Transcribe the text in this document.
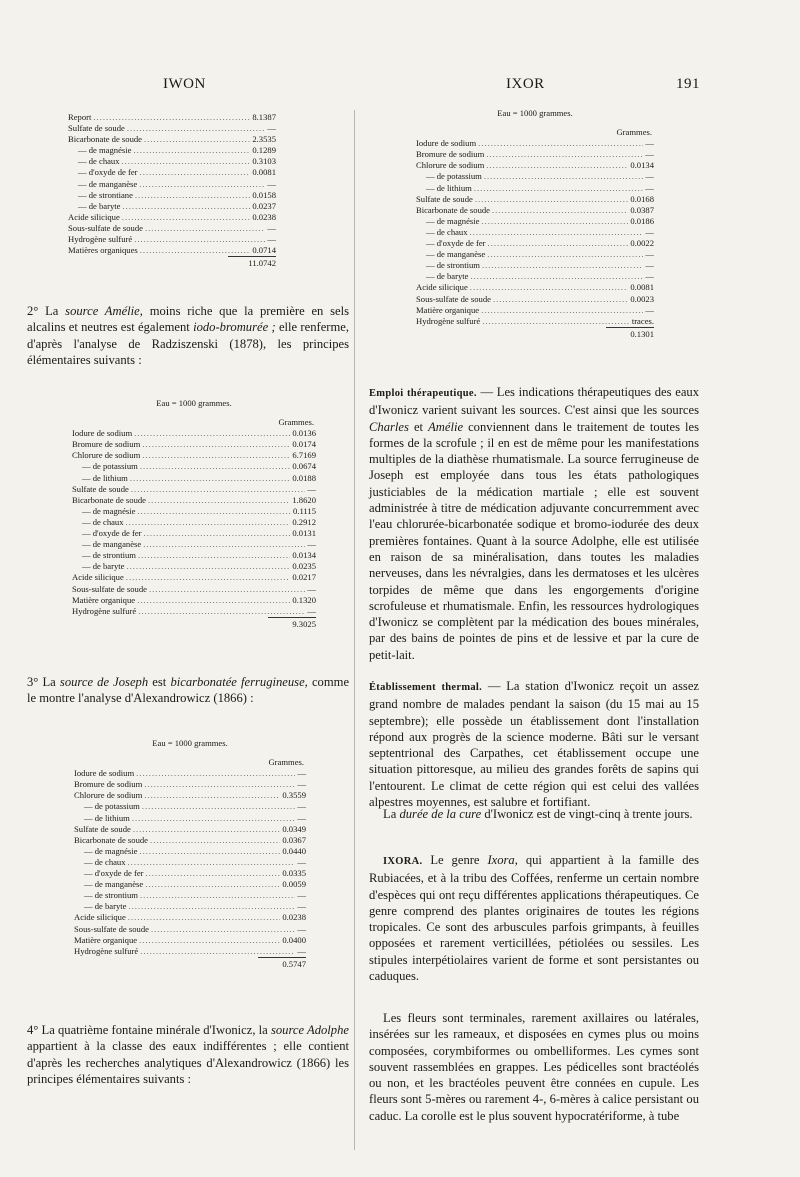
IWON	IXOR	191
Report .....	8.1387
Sulfate de soude .....	—
Bicarbonate de soude .....	2.3535
— de magnésie .....	0.1289
— de chaux .....	0.3103
— d'oxyde de fer .....	0.0081
— de manganèse .....	—
— de strontiane .....	0.0158
— de baryte .....	0.0237
Acide silicique .....	0.0238
Sous-sulfate de soude .....	—
Hydrogène sulfuré .....	—
Matières organiques .....	0.0714
11.0742

2° La source Amélie, moins riche que la première en sels alcalins et neutres est également iodo-bromurée ; elle renferme, d'après l'analyse de Radziszenski (1878), les principes élémentaires suivants :

Eau = 1000 grammes.
Grammes.
Iodure de sodium .....	0.0136
Bromure de sodium .....	0.0174
Chlorure de sodium .....	6.7169
— de potassium .....	0.0674
— de lithium .....	0.0188
Sulfate de soude .....	—
Bicarbonate de soude .....	1.8620
— de magnésie .....	0.1115
— de chaux .....	0.2912
— d'oxyde de fer .....	0.0131
— de manganèse .....	—
— de strontium .....	0.0134
— de baryte .....	0.0235
Acide silicique .....	0.0217
Sous-sulfate de soude .....	—
Matière organique .....	0.1320
Hydrogène sulfuré .....	—
9.3025

3° La source de Joseph est bicarbonatée ferrugineuse, comme le montre l'analyse d'Alexandrowicz (1866) :

Eau = 1000 grammes.
Grammes.
Iodure de sodium .....	—
Bromure de sodium .....	—
Chlorure de sodium .....	0.3559
— de potassium .....	—
— de lithium .....	—
Sulfate de soude .....	0.0349
Bicarbonate de soude .....	0.0367
— de magnésie .....	0.0440
— de chaux .....	—
— d'oxyde de fer .....	0.0335
— de manganèse .....	0.0059
— de strontium .....	—
— de baryte .....	—
Acide silicique .....	0.0238
Sous-sulfate de soude .....	—
Matière organique .....	0.0400
Hydrogène sulfuré .....	—
0.5747

4° La quatrième fontaine minérale d'Iwonicz, la source Adolphe appartient à la classe des eaux indifférentes ; elle contient d'après les recherches analytiques d'Alexandrowicz (1866) les principes élémentaires suivants :

Eau = 1000 grammes.
Grammes.
Iodure de sodium .....	—
Bromure de sodium .....	—
Chlorure de sodium .....	0.0134
— de potassium .....	—
— de lithium .....	—
Sulfate de soude .....	0.0168
Bicarbonate de soude .....	0.0387
— de magnésie .....	0.0186
— de chaux .....	—
— d'oxyde de fer .....	0.0022
— de manganèse .....	—
— de strontium .....	—
— de baryte .....	—
Acide silicique .....	0.0081
Sous-sulfate de soude .....	0.0023
Matière organique .....	—
Hydrogène sulfuré .....	traces.
0.1301

Emploi thérapeutique. — Les indications thérapeutiques des eaux d'Iwonicz varient suivant les sources. C'est ainsi que les sources Charles et Amélie conviennent dans le traitement de toutes les formes de la scrofule ; il en est de même pour les manifestations multiples de la diathèse rhumatismale. La source ferrugineuse de Joseph est employée dans tous les états pathologiques justiciables de la médication martiale ; elle est souvent administrée à titre de médication adjuvante concurremment avec l'eau chlorurée-bicarbonatée sodique et bromo-iodurée des deux premières fontaines. Quant à la source Adolphe, elle est utilisée en raison de sa minéralisation, dans toutes les maladies nerveuses, dans les névralgies, dans les dermatoses et les ulcères torpides de même que dans les engorgements d'origine scrofuleuse et rhumatismale. Enfin, les ressources hydrologiques d'Iwonicz se complètent par la médication des boues minérales, par des bains de pointes de pins et de lessive et par la cure de petit-lait.

Établissement thermal. — La station d'Iwonicz reçoit un assez grand nombre de malades pendant la saison (du 15 mai au 15 septembre); elle possède un établissement dont l'installation répond aux progrès de la science moderne. Bâti sur le versant septentrional des Carpathes, cet établissement occupe une situation pittoresque, au milieu des grandes forêts de sapins qui l'entourent. Le climat de cette région qui est celui des vallées alpestres moyennes, est salubre et fortifiant.

La durée de la cure d'Iwonicz est de vingt-cinq à trente jours.

IXORA. Le genre Ixora, qui appartient à la famille des Rubiacées, et à la tribu des Coffées, renferme un certain nombre d'espèces qui ont reçu différentes applications thérapeutiques. Ce genre comprend des plantes originaires de toutes les régions tropicales. Ce sont des arbuscules parfois grimpants, à feuilles opposées et rarement verticillées, pétiolées ou sessiles. Les stipules interpétiolaires varient de forme et sont persistantes ou caduques.

Les fleurs sont terminales, rarement axillaires ou latérales, insérées sur les rameaux, et disposées en cymes plus ou moins composées, corymbiformes ou ombelliformes. Les cymes sont souvent rassemblées en grappes. Les pédicelles sont bractéolés ou non, et les bractéoles peuvent être connées en cupule. Les fleurs sont 5-mères ou rarement 4-, 6-mères à calice persistant ou caduc. La corolle est le plus souvent hypocratériforme, à tube
